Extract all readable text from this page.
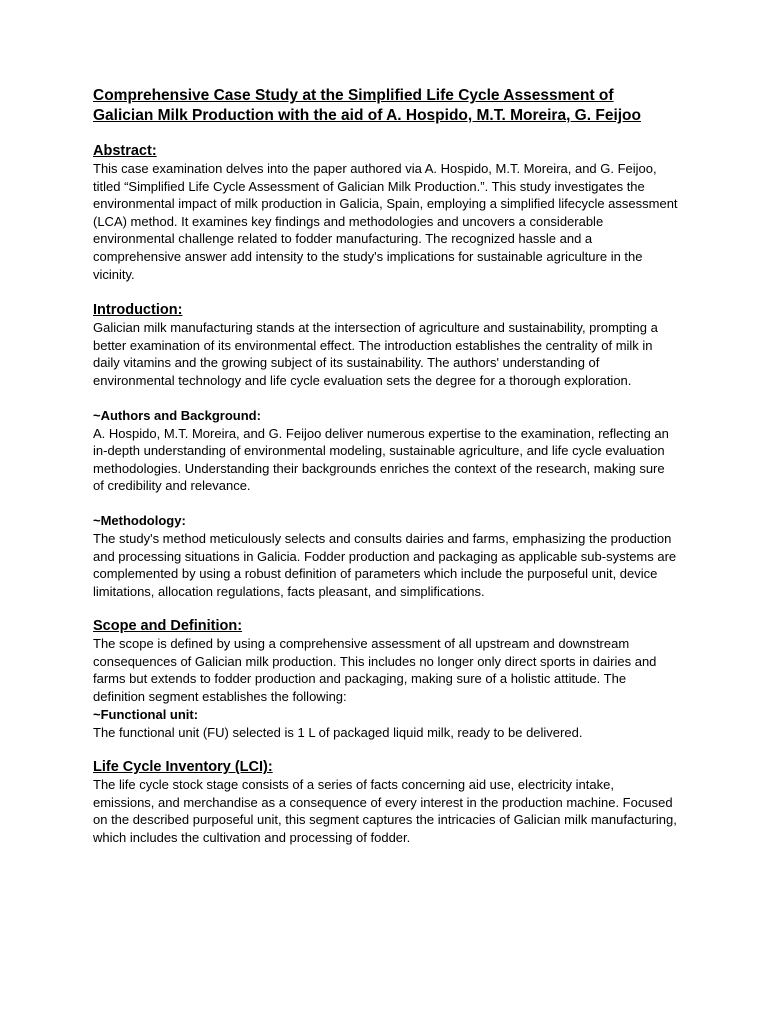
Comprehensive Case Study at the Simplified Life Cycle Assessment of Galician Milk Production with the aid of A. Hospido, M.T. Moreira, G. Feijoo
Abstract:

This case examination delves into the paper authored via A. Hospido, M.T. Moreira, and G. Feijoo, titled “Simplified Life Cycle Assessment of Galician Milk Production.”. This study investigates the environmental impact of milk production in Galicia, Spain, employing a simplified lifecycle assessment (LCA) method. It examines key findings and methodologies and uncovers a considerable environmental challenge related to fodder manufacturing. The recognized hassle and a comprehensive answer add intensity to the study's implications for sustainable agriculture in the vicinity.

Introduction:

Galician milk manufacturing stands at the intersection of agriculture and sustainability, prompting a better examination of its environmental effect. The introduction establishes the centrality of milk in daily vitamins and the growing subject of its sustainability. The authors' understanding of environmental technology and life cycle evaluation sets the degree for a thorough exploration.

~Authors and Background:

A. Hospido, M.T. Moreira, and G. Feijoo deliver numerous expertise to the examination, reflecting an in-depth understanding of environmental modeling, sustainable agriculture, and life cycle evaluation methodologies. Understanding their backgrounds enriches the context of the research, making sure of credibility and relevance.

~Methodology:

The study's method meticulously selects and consults dairies and farms, emphasizing the production and processing situations in Galicia. Fodder production and packaging as applicable sub-systems are complemented by using a robust definition of parameters which include the purposeful unit, device limitations, allocation regulations, facts pleasant, and simplifications.

Scope and Definition:

The scope is defined by using a comprehensive assessment of all upstream and downstream consequences of Galician milk production. This includes no longer only direct sports in dairies and farms but extends to fodder production and packaging, making sure of a holistic attitude. The definition segment establishes the following:

~Functional unit:

The functional unit (FU) selected is 1 L of packaged liquid milk, ready to be delivered.

Life Cycle Inventory (LCI):

The life cycle stock stage consists of a series of facts concerning aid use, electricity intake, emissions, and merchandise as a consequence of every interest in the production machine. Focused on the described purposeful unit, this segment captures the intricacies of Galician milk manufacturing, which includes the cultivation and processing of fodder.
